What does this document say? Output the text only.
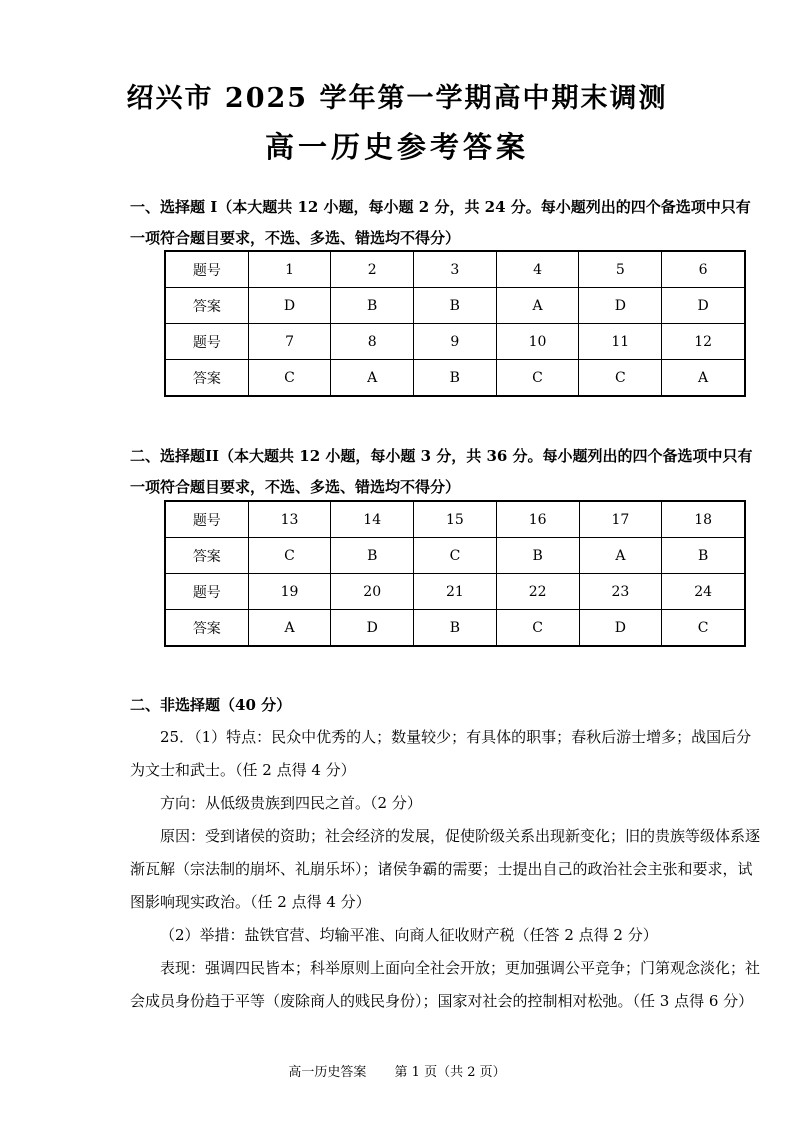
绍兴市 2025 学年第一学期高中期末调测
高一历史参考答案
一、选择题 I（本大题共 12 小题，每小题 2 分，共 24 分。每小题列出的四个备选项中只有
一项符合题目要求，不选、多选、错选均不得分）
题号	1	2	3	4	5	6
答案	D	B	B	A	D	D
题号	7	8	9	10	11	12
答案	C	A	B	C	C	A
二、选择题II（本大题共 12 小题，每小题 3 分，共 36 分。每小题列出的四个备选项中只有
一项符合题目要求，不选、多选、错选均不得分）
题号	13	14	15	16	17	18
答案	C	B	C	B	A	B
题号	19	20	21	22	23	24
答案	A	D	B	C	D	C
二、非选择题（40 分）

25．（1）特点：民众中优秀的人；数量较少；有具体的职事；春秋后游士增多；战国后分为文士和武士。（任 2 点得 4 分）

方向：从低级贵族到四民之首。（2 分）

原因：受到诸侯的资助；社会经济的发展，促使阶级关系出现新变化；旧的贵族等级体系逐渐瓦解（宗法制的崩坏、礼崩乐坏）；诸侯争霸的需要；士提出自己的政治社会主张和要求，试图影响现实政治。（任 2 点得 4 分）

（2）举措：盐铁官营、均输平准、向商人征收财产税（任答 2 点得 2 分）

表现：强调四民皆本；科举原则上面向全社会开放；更加强调公平竞争；门第观念淡化；社会成员身份趋于平等（废除商人的贱民身份）；国家对社会的控制相对松弛。（任 3 点得 6 分）

高一历史答案 第 1 页（共 2 页）
